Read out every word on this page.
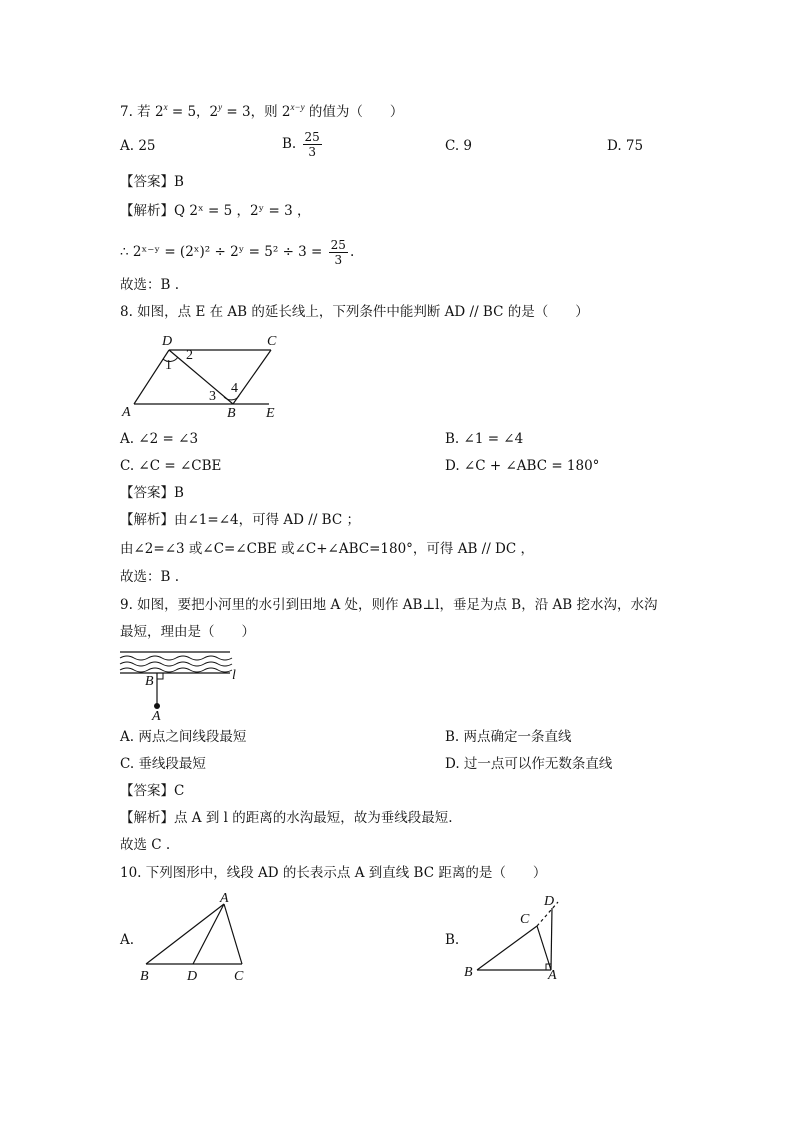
7. 若 $2^x = 5$，$2^y = 3$，则 $2^{x-y}$ 的值为（　　）
A. 25	B. $\frac{25}{3}$	C. 9	D. 75
【答案】B
【解析】Q 2ˣ = 5 ，2ʸ = 3 ，
∴ 2ˣ⁻ʸ = (2ˣ)² ÷ 2ʸ = $5^2 \div 3 = \frac{25}{3}$ .
故选：B .
8. 如图，点 E 在 AB 的延长线上，下列条件中能判断 AD // BC 的是（　　）
D	C
A	B E
1
2
3
4
A. ∠2 = ∠3	B. ∠1 = ∠4
C. ∠C = ∠CBE	D. ∠C + ∠ABC = 180°
【答案】B
【解析】由∠1=∠4，可得 AD // BC ；
由∠2=∠3 或∠C=∠CBE 或∠C+∠ABC=180°，可得 AB // DC ，
故选：B .
9. 如图，要把小河里的水引到田地 A 处，则作 AB⊥l，垂足为点 B，沿 AB 挖水沟，水沟
最短，理由是（　　）
B	l
A
A. 两点之间线段最短	B. 两点确定一条直线
C. 垂线段最短	D. 过一点可以作无数条直线
【答案】C
【解析】点 A 到 l 的距离的水沟最短，故为垂线段最短.
故选 C .
10. 下列图形中，线段 AD 的长表示点 A 到直线 BC 距离的是（　　）
A.
A
B	D	C
B.
C
D
B	A
